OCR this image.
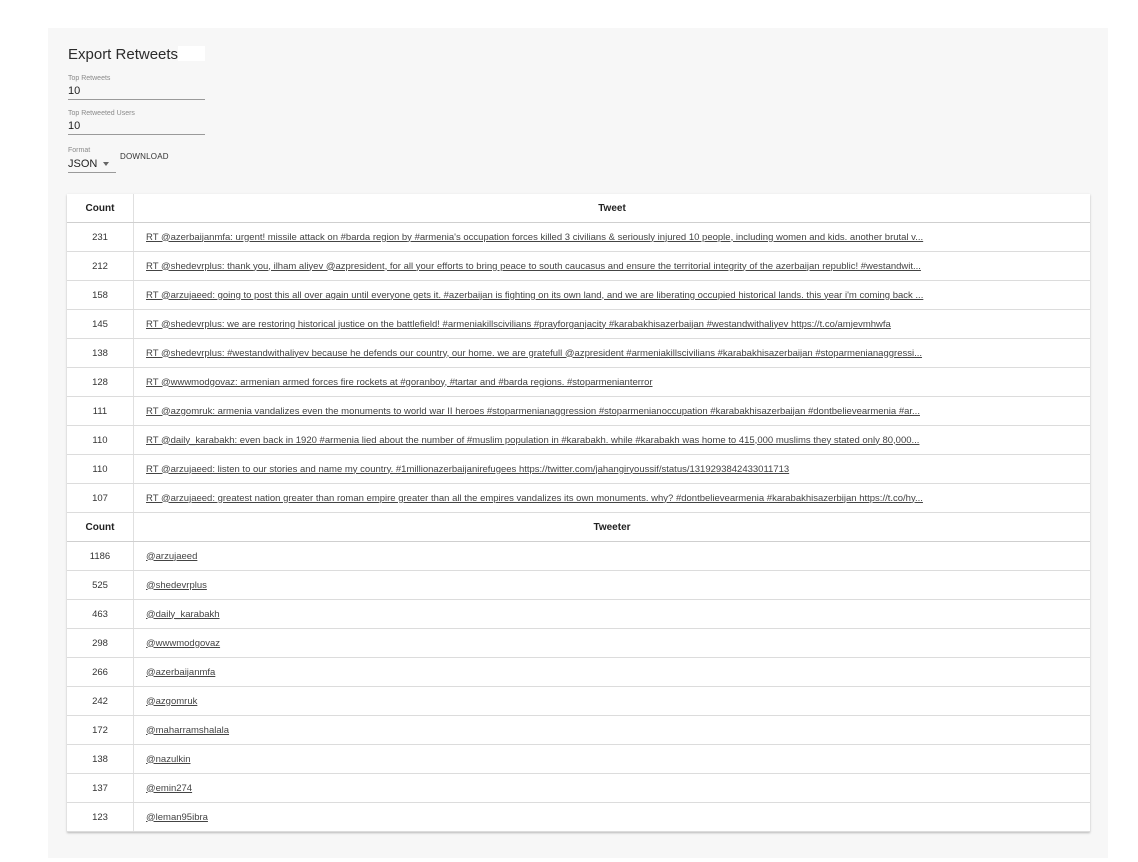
Export Retweets
Top Retweets
10
Top Retweeted Users
10
Format
JSON
DOWNLOAD
Count	Tweet
231	RT @azerbaijanmfa: urgent! missile attack on #barda region by #armenia's occupation forces killed 3 civilians & seriously injured 10 people, including women and kids. another brutal v...
212	RT @shedevrplus: thank you, ilham aliyev @azpresident, for all your efforts to bring peace to south caucasus and ensure the territorial integrity of the azerbaijan republic! #westandwit...
158	RT @arzujaeed: going to post this all over again until everyone gets it. #azerbaijan is fighting on its own land, and we are liberating occupied historical lands. this year i'm coming back ...
145	RT @shedevrplus: we are restoring historical justice on the battlefield! #armeniakillscivilians #prayforganjacity #karabakhisazerbaijan #westandwithaliyev https://t.co/amjevmhwfa
138	RT @shedevrplus: #westandwithaliyev because he defends our country, our home. we are gratefull @azpresident #armeniakillscivilians #karabakhisazerbaijan #stoparmenianaggressi...
128	RT @wwwmodgovaz: armenian armed forces fire rockets at #goranboy, #tartar and #barda regions. #stoparmenianterror
111	RT @azgomruk: armenia vandalizes even the monuments to world war II heroes #stoparmenianaggression #stoparmenianoccupation #karabakhisazerbaijan #dontbelievearmenia #ar...
110	RT @daily_karabakh: even back in 1920 #armenia lied about the number of #muslim population in #karabakh. while #karabakh was home to 415,000 muslims they stated only 80,000...
110	RT @arzujaeed: listen to our stories and name my country. #1millionazerbaijanirefugees https://twitter.com/jahangiryoussif/status/1319293842433011713
107	RT @arzujaeed: greatest nation greater than roman empire greater than all the empires vandalizes its own monuments. why? #dontbelievearmenia #karabakhisazerbijan https://t.co/hy...
Count	Tweeter
1186	@arzujaeed
525	@shedevrplus
463	@daily_karabakh
298	@wwwmodgovaz
266	@azerbaijanmfa
242	@azgomruk
172	@maharramshalala
138	@nazulkin
137	@emin274
123	@leman95ibra
